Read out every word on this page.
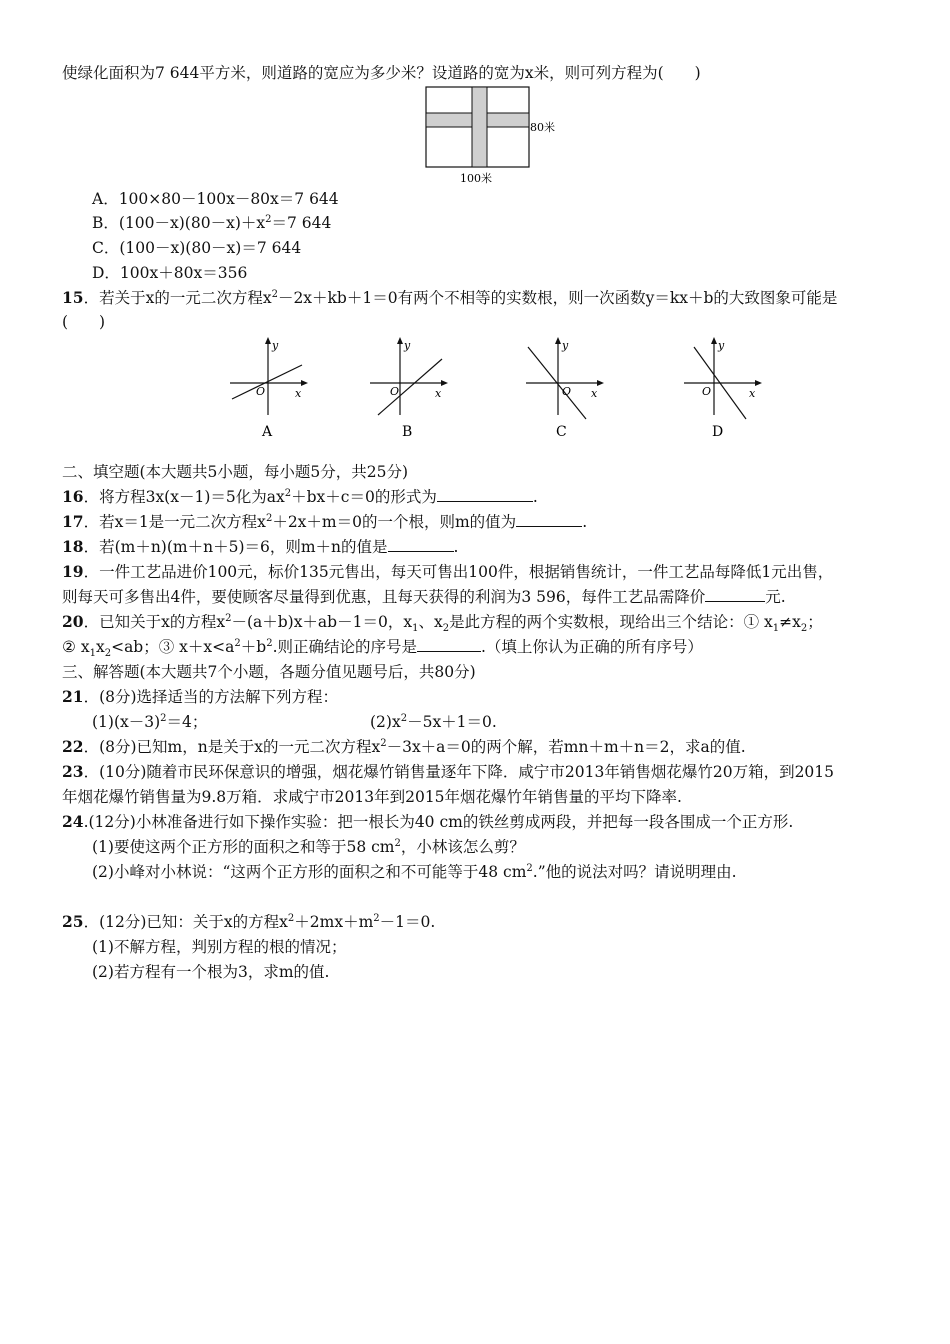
使绿化面积为7 644平方米，则道路的宽应为多少米？设道路的宽为x米，则可列方程为(　　)
80米
100米
A．100×80－100x－80x＝7 644
B．$(100-x)(80-x)+x^2=7$ 644
C．(100－x)(80－x)＝7 644
D．100x＋80x＝356
15．若关于x的一元二次方程$x^2-2x+kb+1=0$有两个不相等的实数根，则一次函数y＝kx＋b的大致图象可能是
(　　)
y
x
O
A
y
x
O
B
y
x
O
C
y
x
O
D
二、填空题(本大题共5小题，每小题5分，共25分)
16．将方程3x(x－1)＝5化为$ax^2+bx+c=0$的形式为	.
17．若x＝1是一元二次方程$x^2+2x+m=0$的一个根，则m的值为	.
18．若(m＋n)(m＋n＋5)＝6，则m＋n的值是	.
19．一件工艺品进价100元，标价135元售出，每天可售出100件，根据销售统计，一件工艺品每降低1元出售，
则每天可多售出4件，要使顾客尽量得到优惠，且每天获得的利润为3 596，每件工艺品需降价	元.
20．已知关于x的方程$x^2-(a+b)x+ab-1=0$，$x_1$、$x_2$是此方程的两个实数根，现给出三个结论：① $x_1\ne x_2$；
② $x_1x_2<ab$；③ $x+x<a^2+b^2$.则正确结论的序号是	.（填上你认为正确的所有序号）
三、解答题(本大题共7个小题，各题分值见题号后，共80分)
21．(8分)选择适当的方法解下列方程：
$(1)(x-3)^2=4$；	$(2)x^2-5x+1=0$.
22．(8分)已知m，n是关于x的一元二次方程$x^2-3x+a=0$的两个解，若mn＋m＋n＝2，求a的值.
23．(10分)随着市民环保意识的增强，烟花爆竹销售量逐年下降．咸宁市2013年销售烟花爆竹20万箱，到2015
年烟花爆竹销售量为9.8万箱．求咸宁市2013年到2015年烟花爆竹年销售量的平均下降率.
24.(12分)小林准备进行如下操作实验：把一根长为40 cm的铁丝剪成两段，并把每一段各围成一个正方形.
(1)要使这两个正方形的面积之和等于58 $cm^2$，小林该怎么剪？
(2)小峰对小林说：“这两个正方形的面积之和不可能等于48 $cm^2$.”他的说法对吗？请说明理由.
25．(12分)已知：关于x的方程$x^2+2mx+m^2-1=0$.
(1)不解方程，判别方程的根的情况；
(2)若方程有一个根为3，求m的值.
